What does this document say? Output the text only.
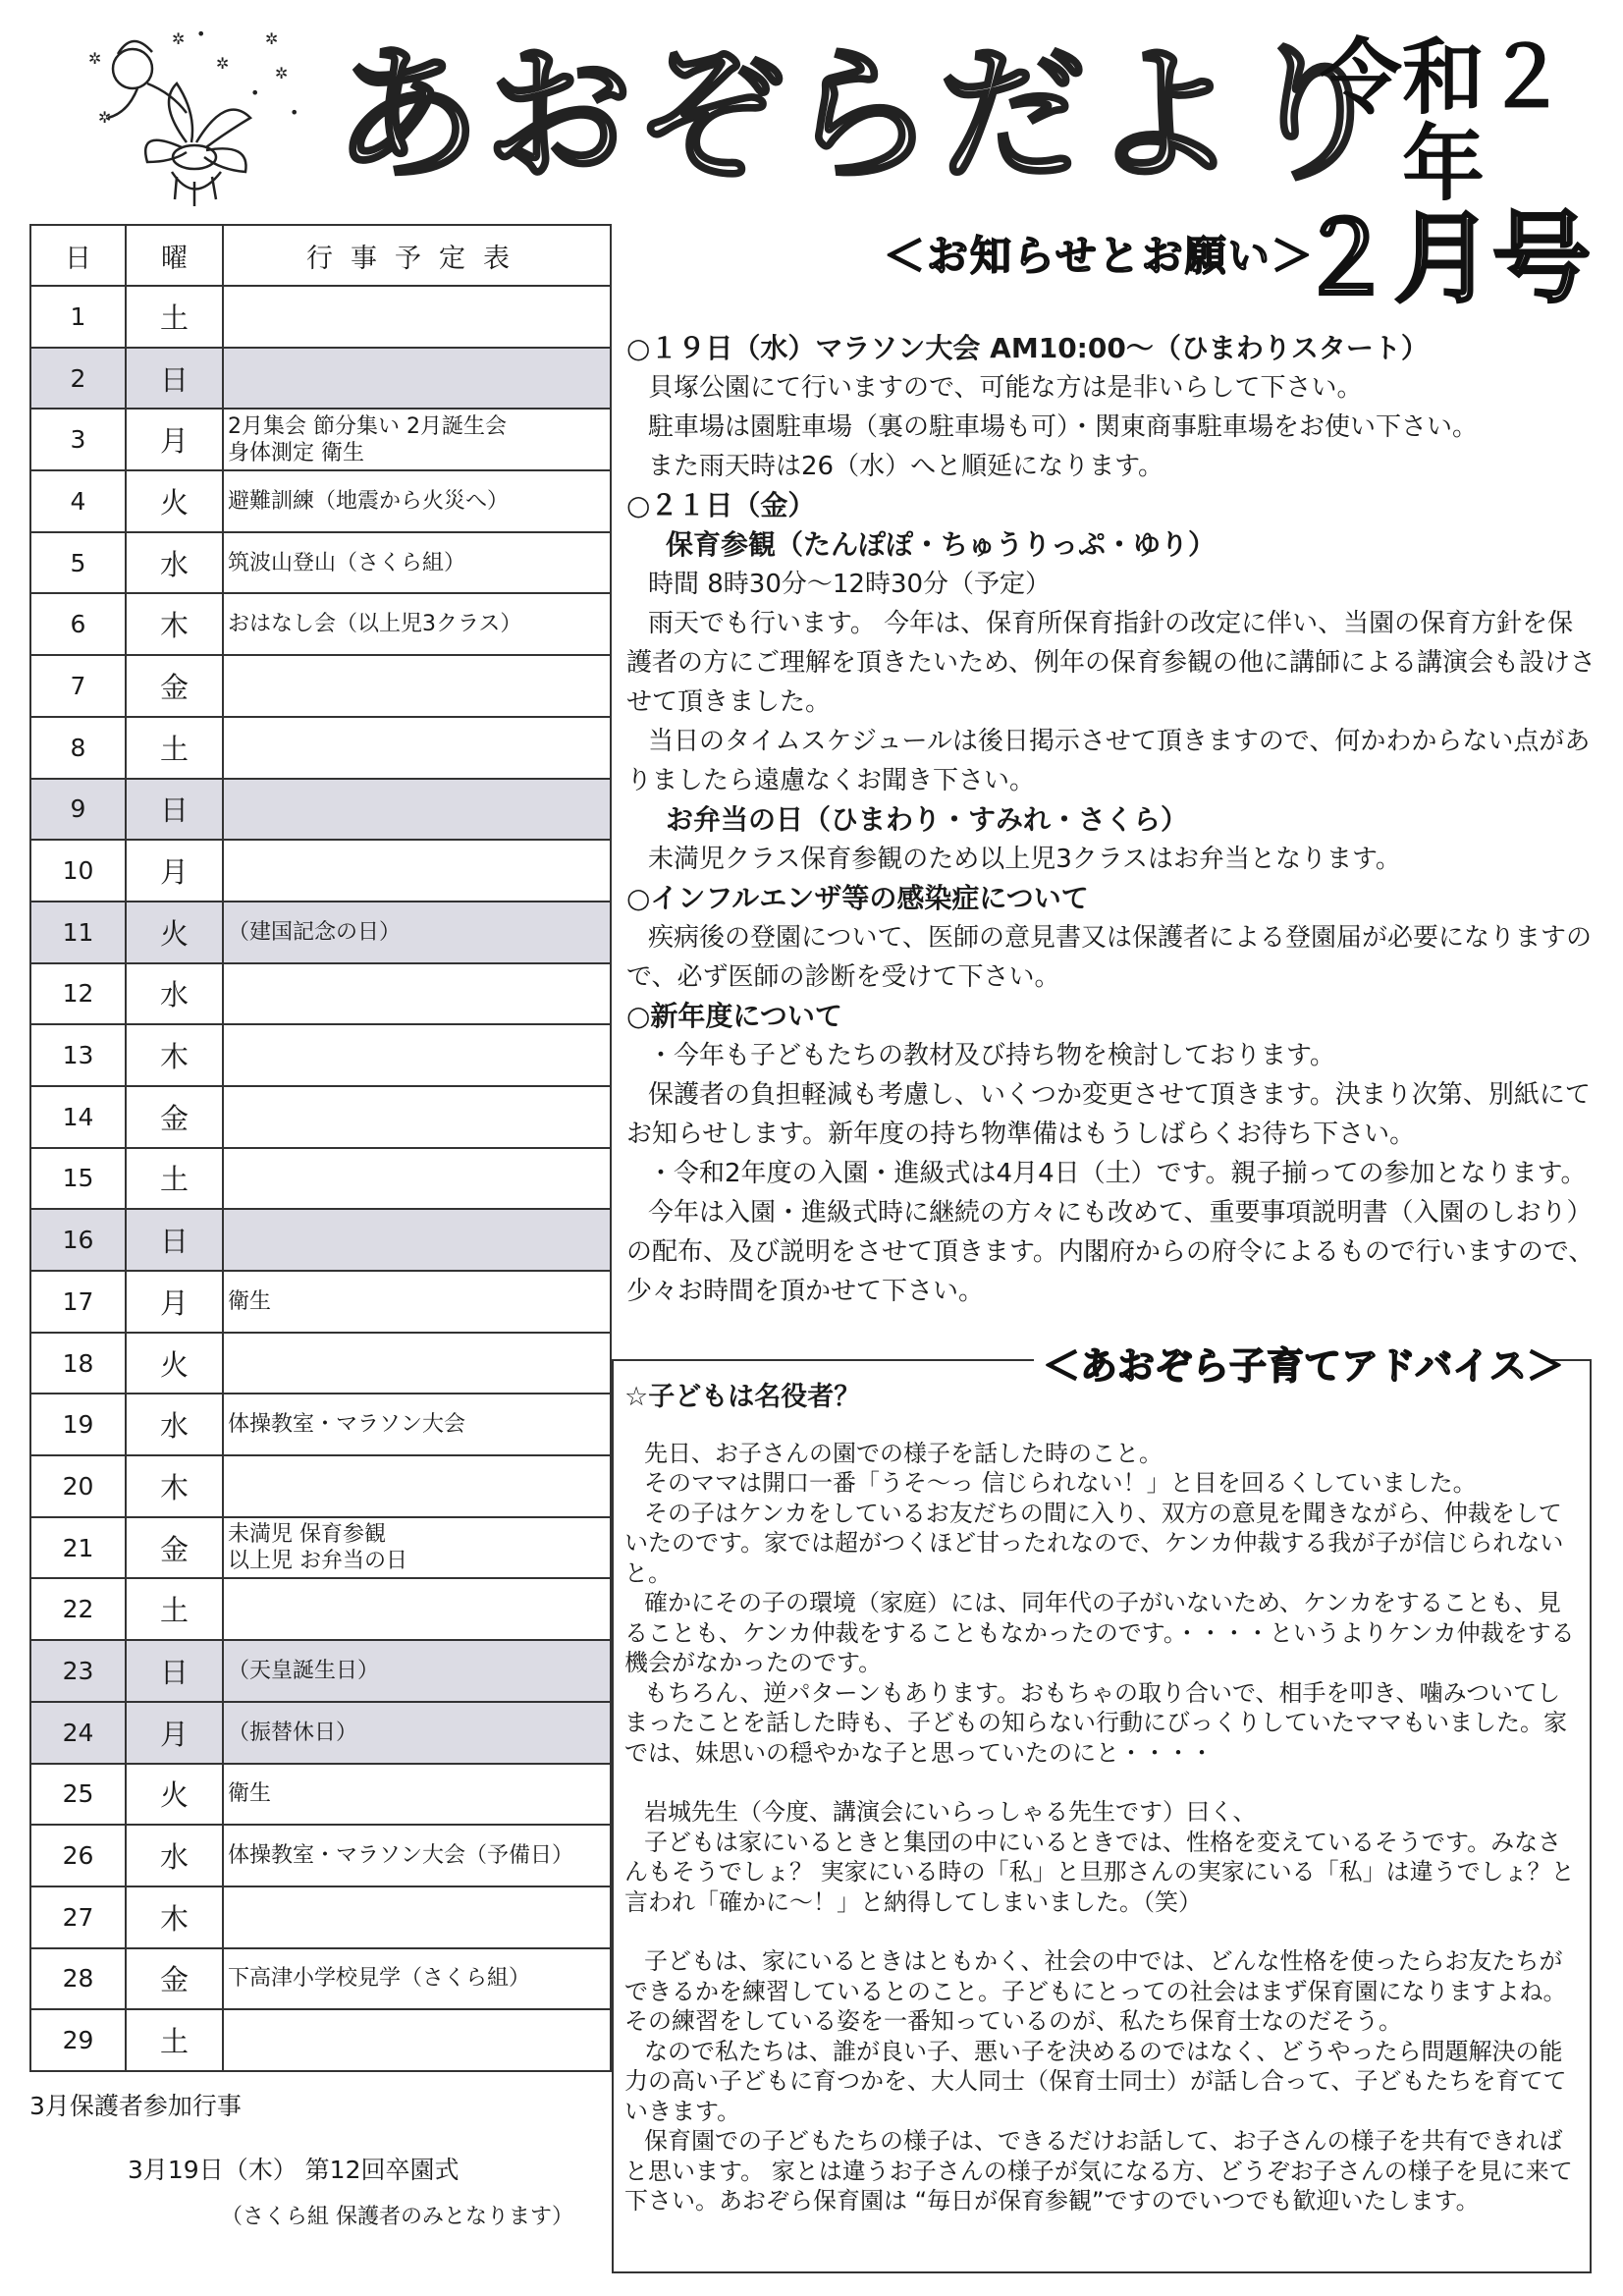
✲
✲
✲
✲
✲
•
✲
•
• あおぞらだより
令和２年
２月号
日	曜	行事予定表
1	土	
2	日	
3	月	2月集会 節分集い 2月誕生会
身体測定 衛生
4	火	避難訓練（地震から火災へ）
5	水	筑波山登山（さくら組）
6	木	おはなし会（以上児3クラス）
7	金	
8	土	
9	日	
10	月	
11	火	（建国記念の日）
12	水	
13	木	
14	金	
15	土	
16	日	
17	月	衛生
18	火	
19	水	体操教室・マラソン大会
20	木	
21	金	未満児 保育参観
以上児 お弁当の日
22	土	
23	日	（天皇誕生日）
24	月	（振替休日）
25	火	衛生
26	水	体操教室・マラソン大会（予備日）
27	木	
28	金	下高津小学校見学（さくら組）
29	土	
3月保護者参加行事
3月19日（木） 第12回卒園式
（さくら組 保護者のみとなります）
＜お知らせとお願い＞

○１９日（水）マラソン大会 AM10:00～（ひまわりスタート）

貝塚公園にて行いますので、可能な方は是非いらして下さい。

駐車場は園駐車場（裏の駐車場も可）・関東商事駐車場をお使い下さい。

また雨天時は26（水）へと順延になります。

○２１日（金）

保育参観（たんぽぽ・ちゅうりっぷ・ゆり）

時間 8時30分～12時30分（予定）

雨天でも行います。 今年は、保育所保育指針の改定に伴い、当園の保育方針を保護者の方にご理解を頂きたいため、例年の保育参観の他に講師による講演会も設けさせて頂きました。

当日のタイムスケジュールは後日掲示させて頂きますので、何かわからない点がありましたら遠慮なくお聞き下さい。

お弁当の日（ひまわり・すみれ・さくら）

未満児クラス保育参観のため以上児3クラスはお弁当となります。

○インフルエンザ等の感染症について

疾病後の登園について、医師の意見書又は保護者による登園届が必要になりますので、必ず医師の診断を受けて下さい。

○新年度について

・今年も子どもたちの教材及び持ち物を検討しております。

保護者の負担軽減も考慮し、いくつか変更させて頂きます。決まり次第、別紙にてお知らせします。新年度の持ち物準備はもうしばらくお待ち下さい。

・令和2年度の入園・進級式は4月4日（土）です。親子揃っての参加となります。

今年は入園・進級式時に継続の方々にも改めて、重要事項説明書（入園のしおり）の配布、及び説明をさせて頂きます。内閣府からの府令によるもので行いますので、少々お時間を頂かせて下さい。

＜あおぞら子育てアドバイス＞

☆子どもは名役者？

先日、お子さんの園での様子を話した時のこと。

そのママは開口一番「うそ～っ 信じられない！」と目を回るくしていました。

その子はケンカをしているお友だちの間に入り、双方の意見を聞きながら、仲裁をしていたのです。家では超がつくほど甘ったれなので、ケンカ仲裁する我が子が信じられないと。

確かにその子の環境（家庭）には、同年代の子がいないため、ケンカをすることも、見ることも、ケンカ仲裁をすることもなかったのです。・・・・というよりケンカ仲裁をする機会がなかったのです。

もちろん、逆パターンもあります。おもちゃの取り合いで、相手を叩き、噛みついてしまったことを話した時も、子どもの知らない行動にびっくりしていたママもいました。家では、妹思いの穏やかな子と思っていたのにと・・・・

岩城先生（今度、講演会にいらっしゃる先生です）曰く、

子どもは家にいるときと集団の中にいるときでは、性格を変えているそうです。みなさんもそうでしょ？ 実家にいる時の「私」と旦那さんの実家にいる「私」は違うでしょ？と言われ「確かに～！」と納得してしまいました。（笑）

子どもは、家にいるときはともかく、社会の中では、どんな性格を使ったらお友たちができるかを練習しているとのこと。子どもにとっての社会はまず保育園になりますよね。その練習をしている姿を一番知っているのが、私たち保育士なのだそう。

なので私たちは、誰が良い子、悪い子を決めるのではなく、どうやったら問題解決の能力の高い子どもに育つかを、大人同士（保育士同士）が話し合って、子どもたちを育てていきます。

保育園での子どもたちの様子は、できるだけお話して、お子さんの様子を共有できればと思います。 家とは違うお子さんの様子が気になる方、どうぞお子さんの様子を見に来て下さい。あおぞら保育園は “毎日が保育参観”ですのでいつでも歓迎いたします。
